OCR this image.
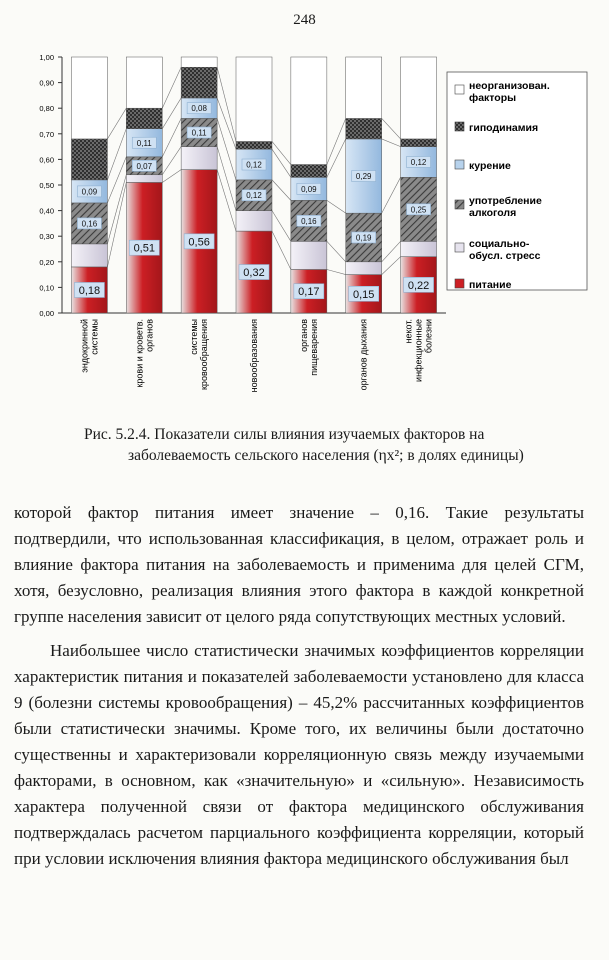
248
0,00
0,10
0,20
0,30
0,40
0,50
0,60
0,70
0,80
0,90
1,00
0,18
0,16
0,09
0,51
0,07
0,11
0,56
0,11
0,08
0,32
0,12
0,12
0,17
0,16
0,09
0,15
0,19
0,29
0,22
0,25
0,12
эндокринной системы	крови и кроветв. органов	системы кровообращения	новообразования	органов пищеварения	органов дыхания	некот. инфекционные болезни
неорганизован.
факторы
гиподинамия
курение
употребление
алкоголя
социально-
обусл. стресс
питание
Рис. 5.2.4. Показатели силы влияния изучаемых факторов на
заболеваемость сельского населения (ηx²; в долях единицы)

которой фактор питания имеет значение – 0,16. Такие результаты подтвердили, что использованная классификация, в целом, отражает роль и влияние фактора питания на заболеваемость и применима для целей СГМ, хотя, безусловно, реализация влияния этого фактора в каждой конкретной группе населения зависит от целого ряда сопутствующих местных условий.

Наибольшее число статистически значимых коэффициентов корреляции характеристик питания и показателей заболеваемости установлено для класса 9 (болезни системы кровообращения) – 45,2% рассчитанных коэффициентов были статистически значимы. Кроме того, их величины были достаточно существенны и характеризовали корреляционную связь между изучаемыми факторами, в основном, как «значительную» и «сильную». Независимость характера полученной связи от фактора медицинского обслуживания подтверждалась расчетом парциального коэффициента корреляции, который при условии исключения влияния фактора медицинского обслуживания был
